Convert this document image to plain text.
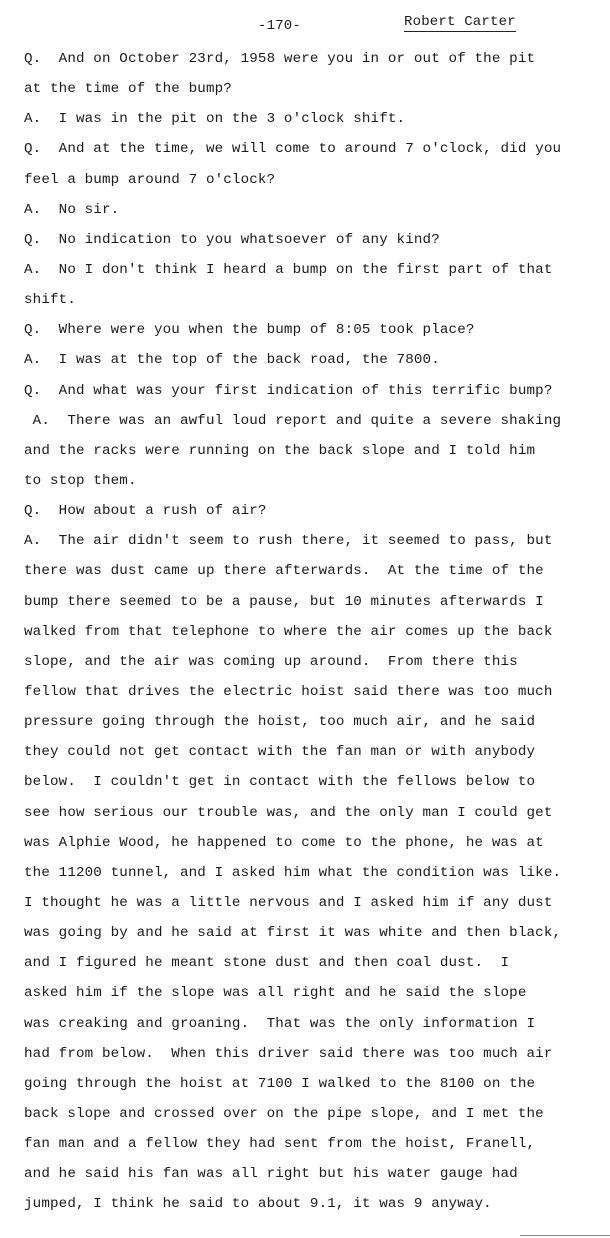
-170-	Robert Carter
Q.  And on October 23rd, 1958 were you in or out of the pit
at the time of the bump?
A.  I was in the pit on the 3 o'clock shift.
Q.  And at the time, we will come to around 7 o'clock, did you
feel a bump around 7 o'clock?
A.  No sir.
Q.  No indication to you whatsoever of any kind?
A.  No I don't think I heard a bump on the first part of that
shift.
Q.  Where were you when the bump of 8:05 took place?
A.  I was at the top of the back road, the 7800.
Q.  And what was your first indication of this terrific bump?
A.  There was an awful loud report and quite a severe shaking
and the racks were running on the back slope and I told him
to stop them.
Q.  How about a rush of air?
A.  The air didn't seem to rush there, it seemed to pass, but
there was dust came up there afterwards.  At the time of the
bump there seemed to be a pause, but 10 minutes afterwards I
walked from that telephone to where the air comes up the back
slope, and the air was coming up around.  From there this
fellow that drives the electric hoist said there was too much
pressure going through the hoist, too much air, and he said
they could not get contact with the fan man or with anybody
below.  I couldn't get in contact with the fellows below to
see how serious our trouble was, and the only man I could get
was Alphie Wood, he happened to come to the phone, he was at
the 11200 tunnel, and I asked him what the condition was like.
I thought he was a little nervous and I asked him if any dust
was going by and he said at first it was white and then black,
and I figured he meant stone dust and then coal dust.  I
asked him if the slope was all right and he said the slope
was creaking and groaning.  That was the only information I
had from below.  When this driver said there was too much air
going through the hoist at 7100 I walked to the 8100 on the
back slope and crossed over on the pipe slope, and I met the
fan man and a fellow they had sent from the hoist, Franell,
and he said his fan was all right but his water gauge had
jumped, I think he said to about 9.1, it was 9 anyway.
